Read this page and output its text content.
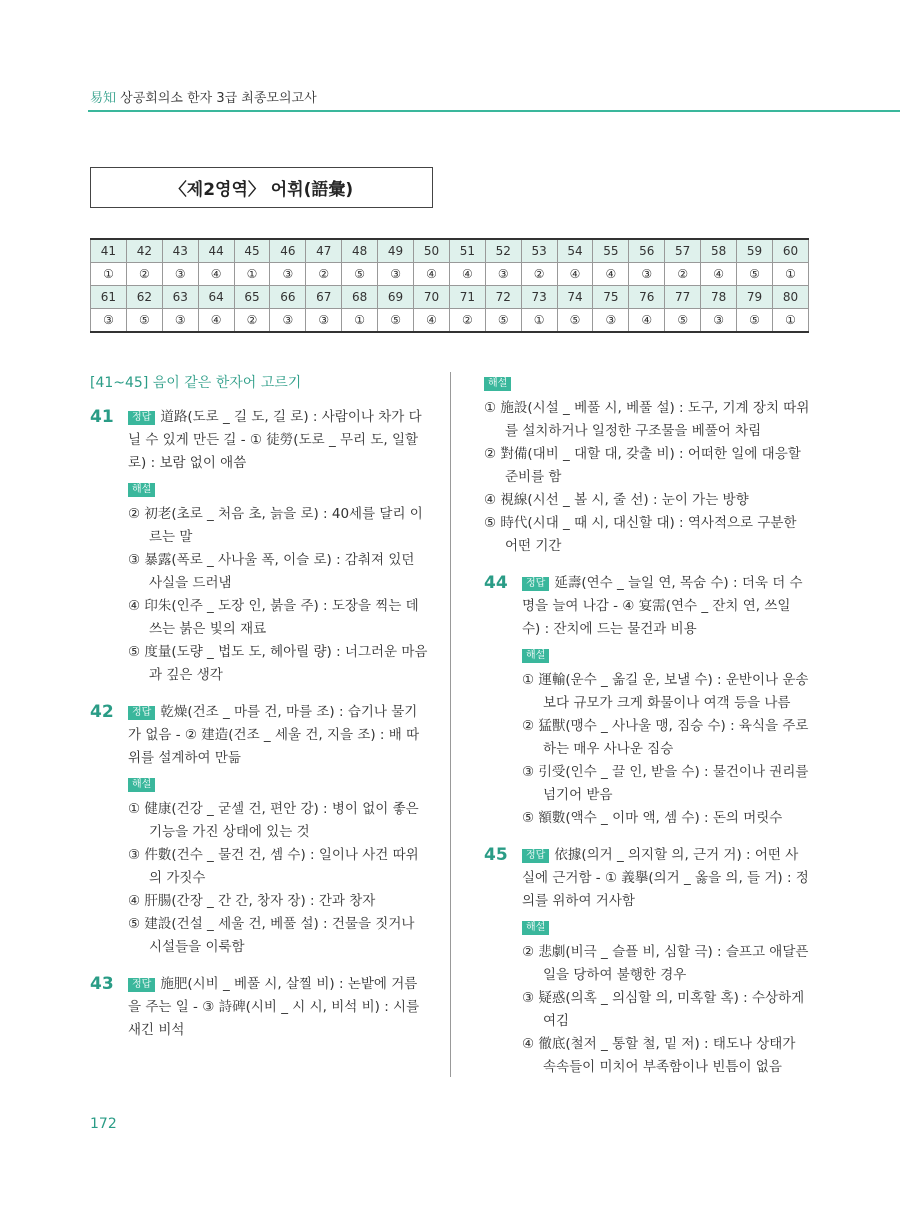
易知 상공회의소 한자 3급 최종모의고사
〈제2영역〉 어휘(語彙)
41	42	43	44	45	46	47	48	49	50	51	52	53	54	55	56	57	58	59	60
①	②	③	④	①	③	②	⑤	③	④	④	③	②	④	④	③	②	④	⑤	①
61	62	63	64	65	66	67	68	69	70	71	72	73	74	75	76	77	78	79	80
③	⑤	③	④	②	③	③	①	⑤	④	②	⑤	①	⑤	③	④	⑤	③	⑤	①
[41~45] 음이 같은 한자어 고르기
41	정답 道路(도로 _ 길 도, 길 로) : 사람이나 차가 다닐 수 있게 만든 길 - ① 徒勞(도로 _ 무리 도, 일할 로) : 보람 없이 애씀
해설
② 初老(초로 _ 처음 초, 늙을 로) : 40세를 달리 이르는 말
③ 暴露(폭로 _ 사나울 폭, 이슬 로) : 감춰져 있던 사실을 드러냄
④ 印朱(인주 _ 도장 인, 붉을 주) : 도장을 찍는 데 쓰는 붉은 빛의 재료
⑤ 度量(도량 _ 법도 도, 헤아릴 량) : 너그러운 마음과 깊은 생각
42	정답 乾燥(건조 _ 마를 건, 마를 조) : 습기나 물기가 없음 - ② 建造(건조 _ 세울 건, 지을 조) : 배 따위를 설계하여 만듦
해설
① 健康(건강 _ 굳셀 건, 편안 강) : 병이 없이 좋은 기능을 가진 상태에 있는 것
③ 件數(건수 _ 물건 건, 셈 수) : 일이나 사건 따위의 가짓수
④ 肝腸(간장 _ 간 간, 창자 장) : 간과 창자
⑤ 建設(건설 _ 세울 건, 베풀 설) : 건물을 짓거나 시설들을 이룩함
43	정답 施肥(시비 _ 베풀 시, 살찔 비) : 논밭에 거름을 주는 일 - ③ 詩碑(시비 _ 시 시, 비석 비) : 시를 새긴 비석
해설
① 施設(시설 _ 베풀 시, 베풀 설) : 도구, 기계 장치 따위를 설치하거나 일정한 구조물을 베풀어 차림
② 對備(대비 _ 대할 대, 갖출 비) : 어떠한 일에 대응할 준비를 함
④ 視線(시선 _ 볼 시, 줄 선) : 눈이 가는 방향
⑤ 時代(시대 _ 때 시, 대신할 대) : 역사적으로 구분한 어떤 기간
44	정답 延壽(연수 _ 늘일 연, 목숨 수) : 더욱 더 수명을 늘여 나감 - ④ 宴需(연수 _ 잔치 연, 쓰일 수) : 잔치에 드는 물건과 비용
해설
① 運輸(운수 _ 옮길 운, 보낼 수) : 운반이나 운송보다 규모가 크게 화물이나 여객 등을 나름
② 猛獸(맹수 _ 사나울 맹, 짐승 수) : 육식을 주로 하는 매우 사나운 짐승
③ 引受(인수 _ 끌 인, 받을 수) : 물건이나 권리를 넘기어 받음
⑤ 額數(액수 _ 이마 액, 셈 수) : 돈의 머릿수
45	정답 依據(의거 _ 의지할 의, 근거 거) : 어떤 사실에 근거함 - ① 義擧(의거 _ 옳을 의, 들 거) : 정의를 위하여 거사함
해설
② 悲劇(비극 _ 슬플 비, 심할 극) : 슬프고 애달픈 일을 당하여 불행한 경우
③ 疑惑(의혹 _ 의심할 의, 미혹할 혹) : 수상하게 여김
④ 徹底(철저 _ 통할 철, 밑 저) : 태도나 상태가 속속들이 미치어 부족함이나 빈틈이 없음
172
